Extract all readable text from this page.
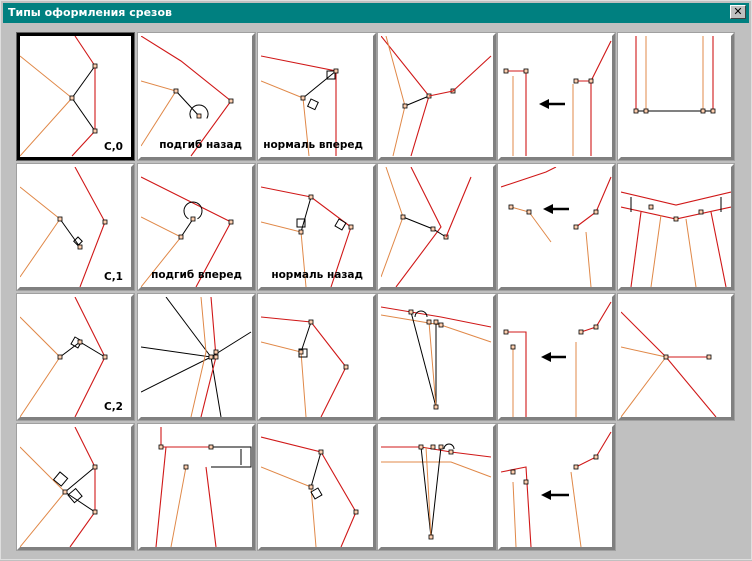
Типы оформления срезов	✕
C,0	подгиб назад нормаль вперед
C,1	подгиб вперед	нормаль назад
C,2
